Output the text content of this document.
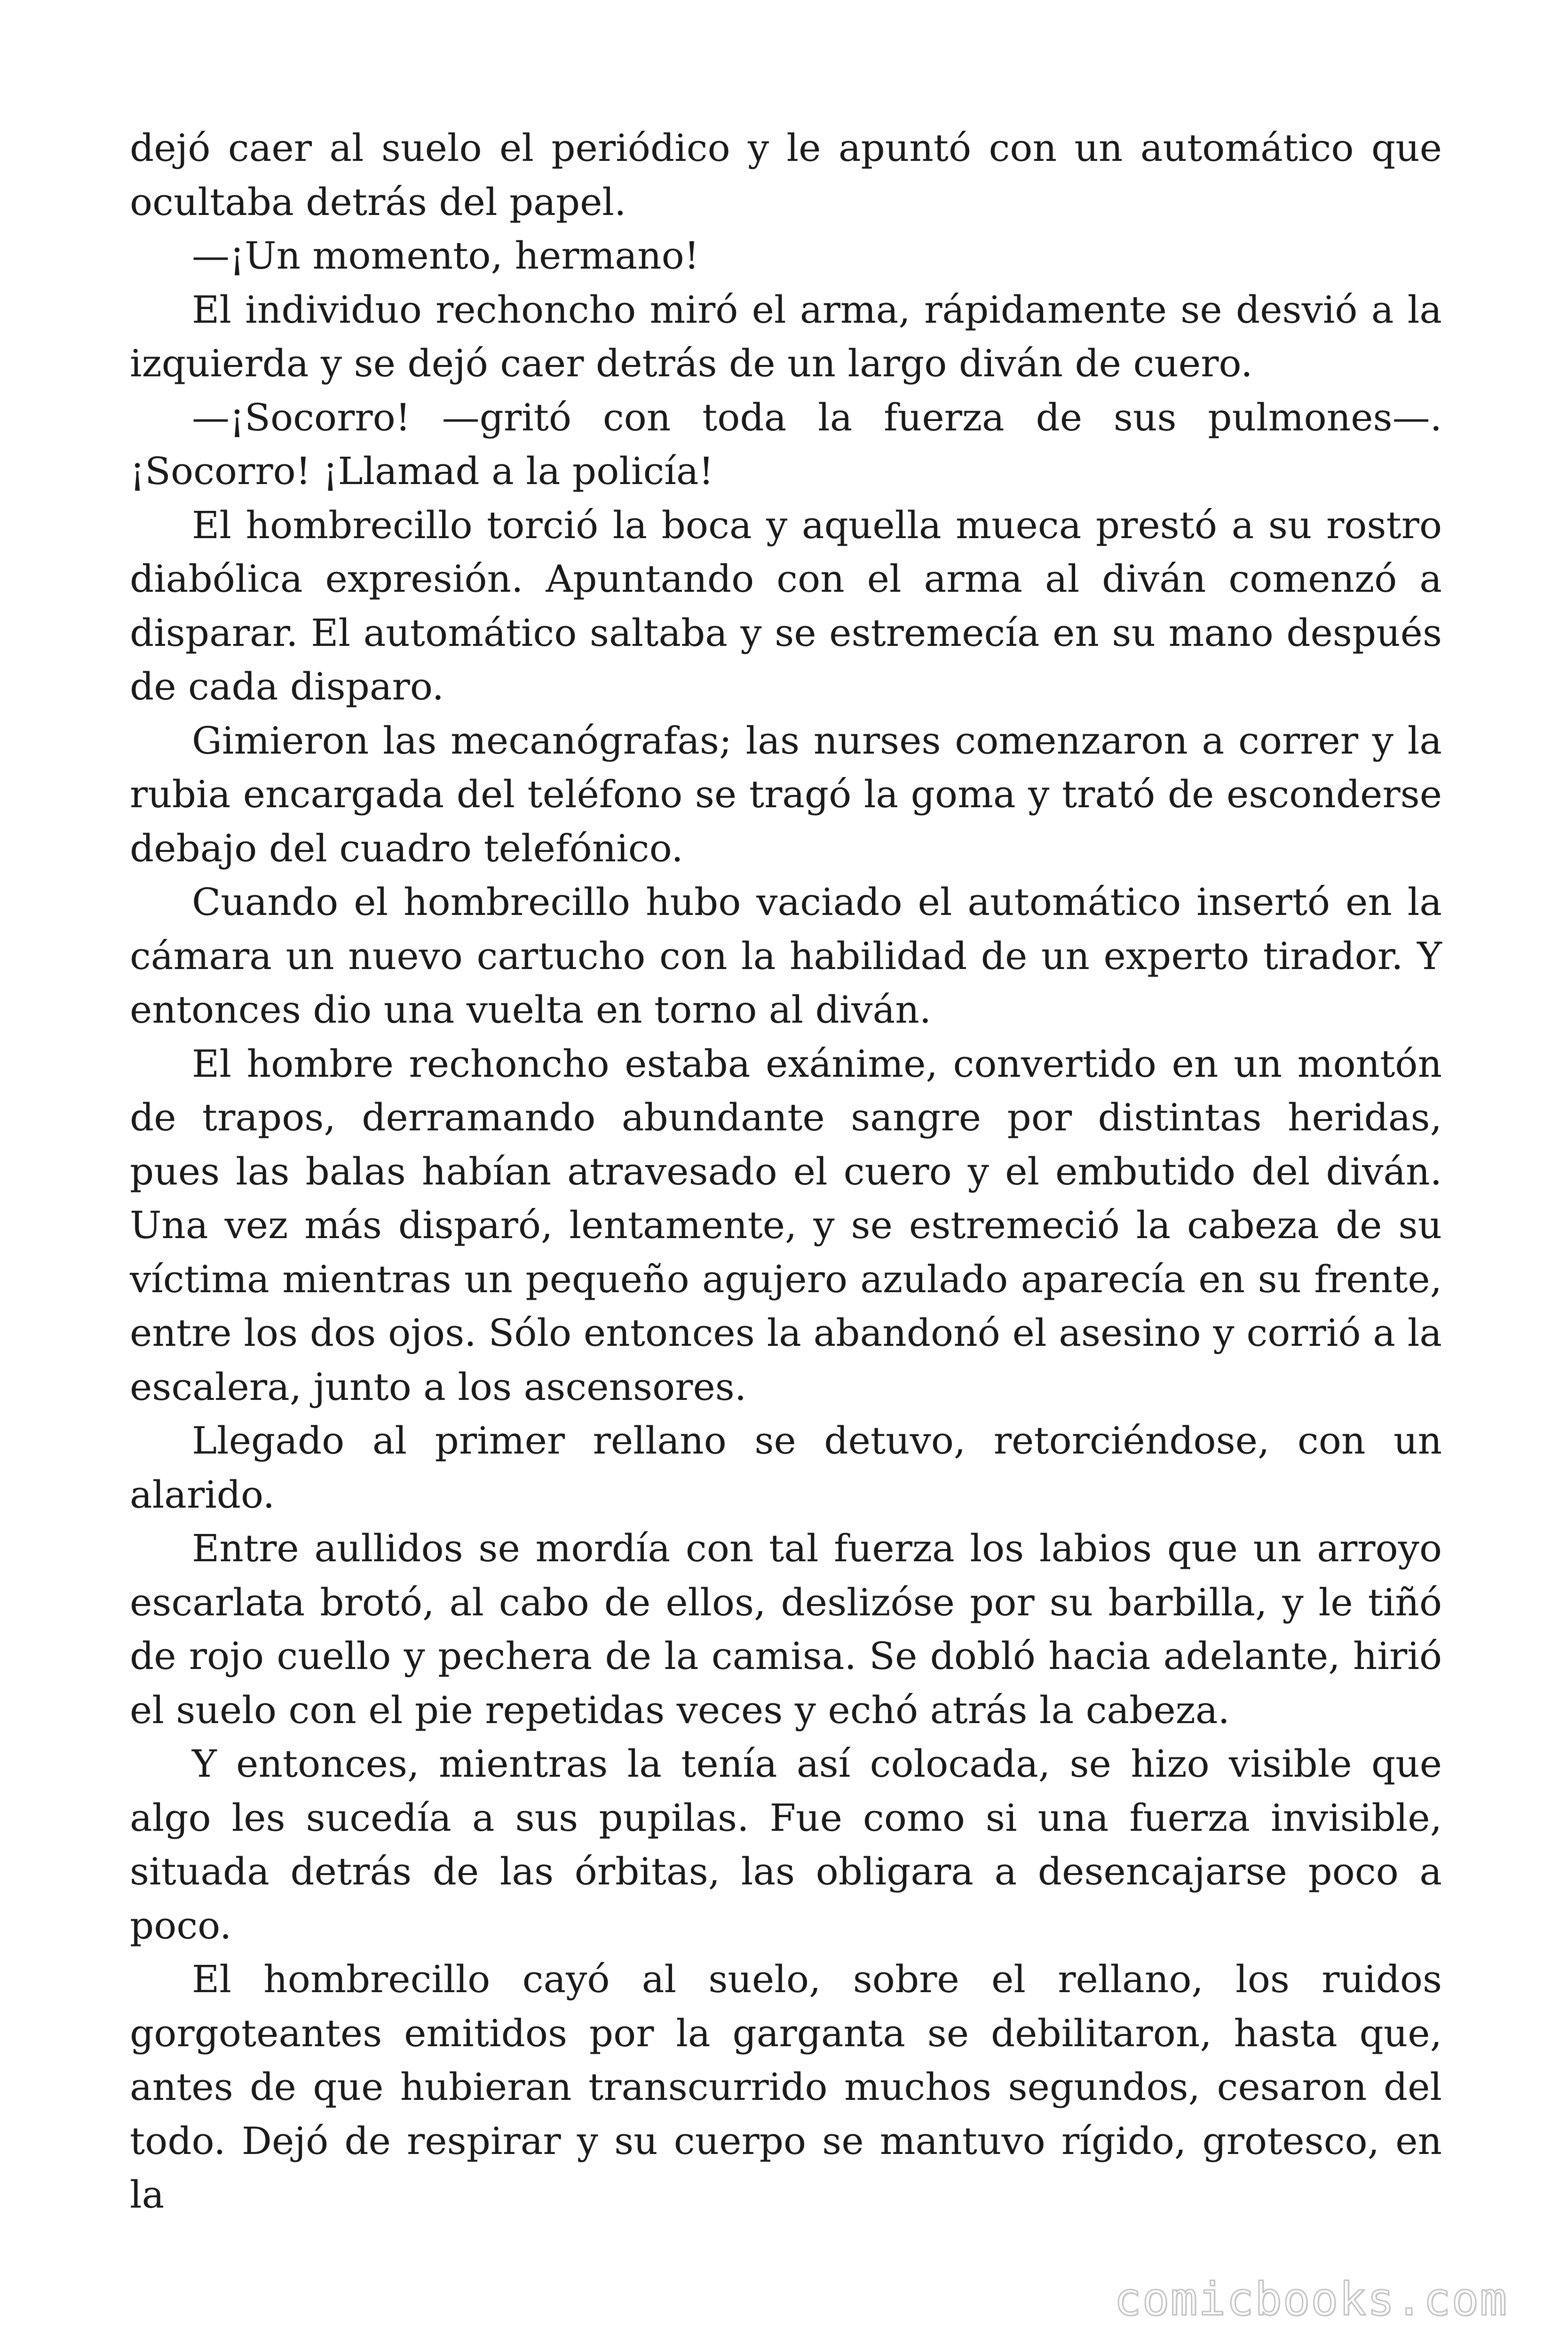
dejó caer al suelo el periódico y le apuntó con un automático que ocultaba detrás del papel.

—¡Un momento, hermano!

El individuo rechoncho miró el arma, rápidamente se desvió a la izquierda y se dejó caer detrás de un largo diván de cuero.

—¡Socorro! —gritó con toda la fuerza de sus pulmones—. ¡Socorro! ¡Llamad a la policía!

El hombrecillo torció la boca y aquella mueca prestó a su rostro diabólica expresión. Apuntando con el arma al diván comenzó a disparar. El automático saltaba y se estremecía en su mano después de cada disparo.

Gimieron las mecanógrafas; las nurses comenzaron a correr y la rubia encargada del teléfono se tragó la goma y trató de esconderse debajo del cuadro telefónico.

Cuando el hombrecillo hubo vaciado el automático insertó en la cámara un nuevo cartucho con la habilidad de un experto tirador. Y entonces dio una vuelta en torno al diván.

El hombre rechoncho estaba exánime, convertido en un montón de trapos, derramando abundante sangre por distintas heridas, pues las balas habían atravesado el cuero y el embutido del diván. Una vez más disparó, lentamente, y se estremeció la cabeza de su víctima mientras un pequeño agujero azulado aparecía en su frente, entre los dos ojos. Sólo entonces la abandonó el asesino y corrió a la escalera, junto a los ascensores.

Llegado al primer rellano se detuvo, retorciéndose, con un alarido.

Entre aullidos se mordía con tal fuerza los labios que un arroyo escarlata brotó, al cabo de ellos, deslizóse por su barbilla, y le tiñó de rojo cuello y pechera de la camisa. Se dobló hacia adelante, hirió el suelo con el pie repetidas veces y echó atrás la cabeza.

Y entonces, mientras la tenía así colocada, se hizo visible que algo les sucedía a sus pupilas. Fue como si una fuerza invisible, situada detrás de las órbitas, las obligara a desencajarse poco a poco.

El hombrecillo cayó al suelo, sobre el rellano, los ruidos gorgoteantes emitidos por la garganta se debilitaron, hasta que, antes de que hubieran transcurrido muchos segundos, cesaron del todo. Dejó de respirar y su cuerpo se mantuvo rígido, grotesco, en la

comicbooks.com
